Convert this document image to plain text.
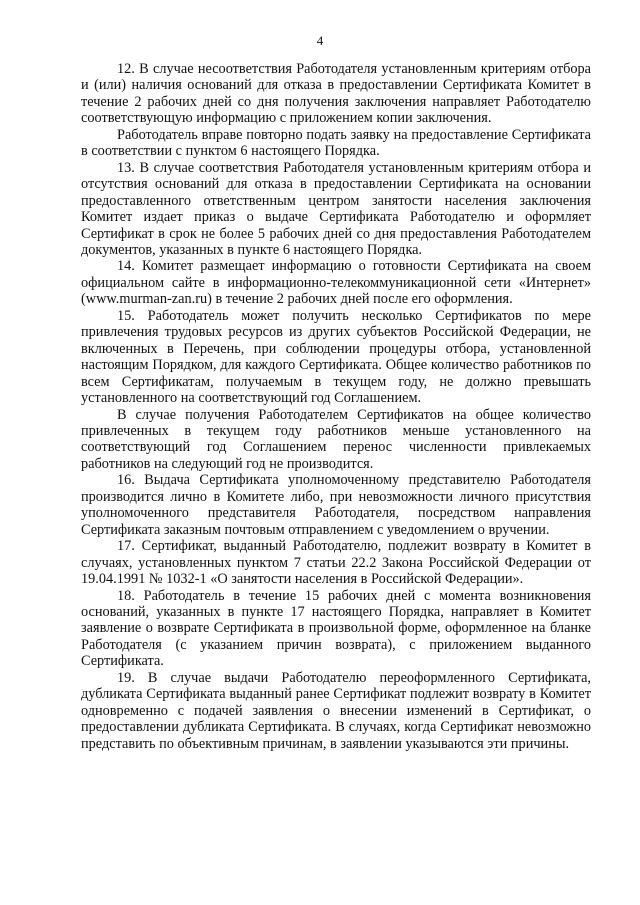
4

12. В случае несоответствия Работодателя установленным критериям отбора и (или) наличия оснований для отказа в предоставлении Сертификата Комитет в течение 2 рабочих дней со дня получения заключения направляет Работодателю соответствующую информацию с приложением копии заключения.

Работодатель вправе повторно подать заявку на предоставление Сертификата в соответствии с пунктом 6 настоящего Порядка.

13. В случае соответствия Работодателя установленным критериям отбора и отсутствия оснований для отказа в предоставлении Сертификата на основании предоставленного ответственным центром занятости населения заключения Комитет издает приказ о выдаче Сертификата Работодателю и оформляет Сертификат в срок не более 5 рабочих дней со дня предоставления Работодателем документов, указанных в пункте 6 настоящего Порядка.

14. Комитет размещает информацию о готовности Сертификата на своем официальном сайте в информационно-телекоммуникационной сети «Интернет» (www.murman-zan.ru) в течение 2 рабочих дней после его оформления.

15. Работодатель может получить несколько Сертификатов по мере привлечения трудовых ресурсов из других субъектов Российской Федерации, не включенных в Перечень, при соблюдении процедуры отбора, установленной настоящим Порядком, для каждого Сертификата. Общее количество работников по всем Сертификатам, получаемым в текущем году, не должно превышать установленного на соответствующий год Соглашением.

В случае получения Работодателем Сертификатов на общее количество привлеченных в текущем году работников меньше установленного на соответствующий год Соглашением перенос численности привлекаемых работников на следующий год не производится.

16. Выдача Сертификата уполномоченному представителю Работодателя производится лично в Комитете либо, при невозможности личного присутствия уполномоченного представителя Работодателя, посредством направления Сертификата заказным почтовым отправлением с уведомлением о вручении.

17. Сертификат, выданный Работодателю, подлежит возврату в Комитет в случаях, установленных пунктом 7 статьи 22.2 Закона Российской Федерации от 19.04.1991 № 1032-1 «О занятости населения в Российской Федерации».

18. Работодатель в течение 15 рабочих дней с момента возникновения оснований, указанных в пункте 17 настоящего Порядка, направляет в Комитет заявление о возврате Сертификата в произвольной форме, оформленное на бланке Работодателя (с указанием причин возврата), с приложением выданного Сертификата.

19. В случае выдачи Работодателю переоформленного Сертификата, дубликата Сертификата выданный ранее Сертификат подлежит возврату в Комитет одновременно с подачей заявления о внесении изменений в Сертификат, о предоставлении дубликата Сертификата. В случаях, когда Сертификат невозможно представить по объективным причинам, в заявлении указываются эти причины.
